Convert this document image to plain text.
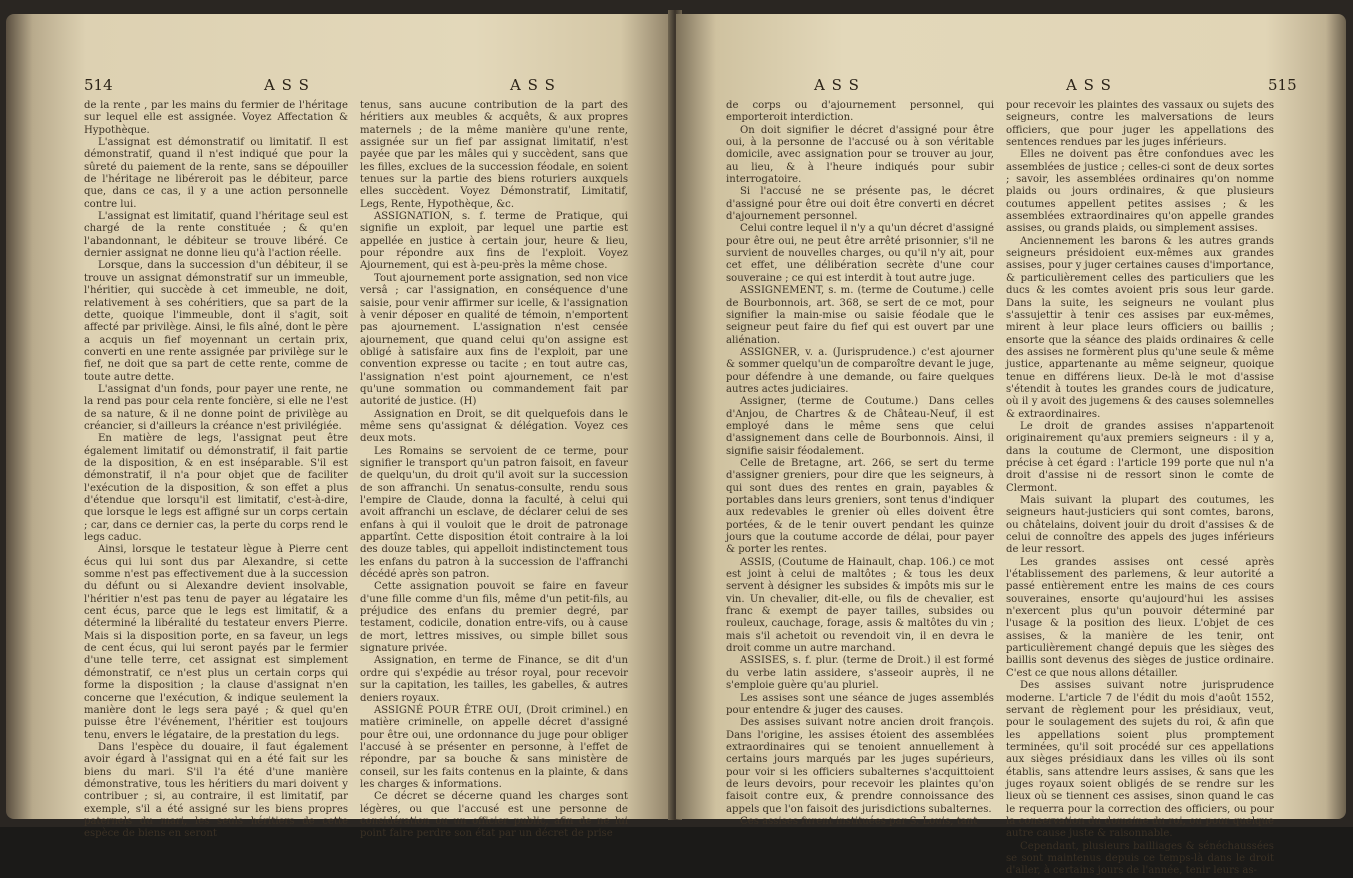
514	A S S	A S S

de la rente , par les mains du fermier de l'héritage sur lequel elle est assignée. Voyez Affectation & Hypothèque.

L'assignat est démonstratif ou limitatif. Il est démonstratif, quand il n'est indiqué que pour la sûreté du paiement de la rente, sans se dépouiller de l'héritage ne libéreroit pas le débiteur, parce que, dans ce cas, il y a une action personnelle contre lui.

L'assignat est limitatif, quand l'héritage seul est chargé de la rente constituée ; & qu'en l'abandonnant, le débiteur se trouve libéré. Ce dernier assignat ne donne lieu qu'à l'action réelle.

Lorsque, dans la succession d'un débiteur, il se trouve un assignat démonstratif sur un immeuble, l'héritier, qui succède à cet immeuble, ne doit, relativement à ses cohéritiers, que sa part de la dette, quoique l'immeuble, dont il s'agit, soit affecté par privilège. Ainsi, le fils aîné, dont le père a acquis un fief moyennant un certain prix, converti en une rente assignée par privilège sur le fief, ne doit que sa part de cette rente, comme de toute autre dette.

L'assignat d'un fonds, pour payer une rente, ne la rend pas pour cela rente foncière, si elle ne l'est de sa nature, & il ne donne point de privilège au créancier, si d'ailleurs la créance n'est privilégiée.

En matière de legs, l'assignat peut être également limitatif ou démonstratif, il fait partie de la disposition, & en est inséparable. S'il est démonstratif, il n'a pour objet que de faciliter l'exécution de la disposition, & son effet a plus d'étendue que lorsqu'il est limitatif, c'est-à-dire, que lorsque le legs est affigné sur un corps certain ; car, dans ce dernier cas, la perte du corps rend le legs caduc.

Ainsi, lorsque le testateur lègue à Pierre cent écus qui lui sont dus par Alexandre, si cette somme n'est pas effectivement due à la succession du défunt ou si Alexandre devient insolvable, l'héritier n'est pas tenu de payer au légataire les cent écus, parce que le legs est limitatif, & a déterminé la libéralité du testateur envers Pierre. Mais si la disposition porte, en sa faveur, un legs de cent écus, qui lui seront payés par le fermier d'une telle terre, cet assignat est simplement démonstratif, ce n'est plus un certain corps qui forme la disposition ; la clause d'assignat n'en concerne que l'exécution, & indique seulement la manière dont le legs sera payé ; & quel qu'en puisse être l'événement, l'héritier est toujours tenu, envers le légataire, de la prestation du legs.

Dans l'espèce du douaire, il faut également avoir égard à l'assignat qui en a été fait sur les biens du mari. S'il l'a été d'une manière démonstrative, tous les héritiers du mari doivent y contribuer ; si, au contraire, il est limitatif, par exemple, s'il a été assigné sur les biens propres paternels du mari, les seuls héritiers de cette espèce de biens en seront

tenus, sans aucune contribution de la part des héritiers aux meubles & acquêts, & aux propres maternels ; de la même manière qu'une rente, assignée sur un fief par assignat limitatif, n'est payée que par les mâles qui y succèdent, sans que les filles, exclues de la succession féodale, en soient tenues sur la partie des biens roturiers auxquels elles succèdent. Voyez Démonstratif, Limitatif, Legs, Rente, Hypothèque, &c.

ASSIGNATION, s. f. terme de Pratique, qui signifie un exploit, par lequel une partie est appellée en justice à certain jour, heure & lieu, pour répondre aux fins de l'exploit. Voyez Ajournement, qui est à-peu-près la même chose.

Tout ajournement porte assignation, sed non vice versâ ; car l'assignation, en conséquence d'une saisie, pour venir affirmer sur icelle, & l'assignation à venir déposer en qualité de témoin, n'emportent pas ajournement. L'assignation n'est censée ajournement, que quand celui qu'on assigne est obligé à satisfaire aux fins de l'exploit, par une convention expresse ou tacite ; en tout autre cas, l'assignation n'est point ajournement, ce n'est qu'une sommation ou commandement fait par autorité de justice. (H)

Assignation en Droit, se dit quelquefois dans le même sens qu'assignat & délégation. Voyez ces deux mots.

Les Romains se servoient de ce terme, pour signifier le transport qu'un patron faisoit, en faveur de quelqu'un, du droit qu'il avoit sur la succession de son affranchi. Un senatus-consulte, rendu sous l'empire de Claude, donna la faculté, à celui qui avoit affranchi un esclave, de déclarer celui de ses enfans à qui il vouloit que le droit de patronage appartînt. Cette disposition étoit contraire à la loi des douze tables, qui appelloit indistinctement tous les enfans du patron à la succession de l'affranchi décédé après son patron.

Cette assignation pouvoit se faire en faveur d'une fille comme d'un fils, même d'un petit-fils, au préjudice des enfans du premier degré, par testament, codicile, donation entre-vifs, ou à cause de mort, lettres missives, ou simple billet sous signature privée.

Assignation, en terme de Finance, se dit d'un ordre qui s'expédie au trésor royal, pour recevoir sur la capitation, les tailles, les gabelles, & autres deniers royaux.

ASSIGNÉ POUR ÊTRE OUI, (Droit criminel.) en matière criminelle, on appelle décret d'assigné pour être oui, une ordonnance du juge pour obliger l'accusé à se présenter en personne, à l'effet de répondre, par sa bouche & sans ministère de conseil, sur les faits contenus en la plainte, & dans les charges & informations.

Ce décret se décerne quand les charges sont légères, ou que l'accusé est une personne de considération ou un officier public, afin de ne lui point faire perdre son état par un décret de prise

A S S	A S S	515

de corps ou d'ajournement personnel, qui emporteroit interdiction.

On doit signifier le décret d'assigné pour être oui, à la personne de l'accusé ou à son véritable domicile, avec assignation pour se trouver au jour, au lieu, & à l'heure indiqués pour subir interrogatoire.

Si l'accusé ne se présente pas, le décret d'assigné pour être oui doit être converti en décret d'ajournement personnel.

Celui contre lequel il n'y a qu'un décret d'assigné pour être oui, ne peut être arrêté prisonnier, s'il ne survient de nouvelles charges, ou qu'il n'y ait, pour cet effet, une délibération secrète d'une cour souveraine ; ce qui est interdit à tout autre juge.

ASSIGNEMENT, s. m. (terme de Coutume.) celle de Bourbonnois, art. 368, se sert de ce mot, pour signifier la main-mise ou saisie féodale que le seigneur peut faire du fief qui est ouvert par une aliénation.

ASSIGNER, v. a. (Jurisprudence.) c'est ajourner & sommer quelqu'un de comparoître devant le juge, pour défendre à une demande, ou faire quelques autres actes judiciaires.

Assigner, (terme de Coutume.) Dans celles d'Anjou, de Chartres & de Château-Neuf, il est employé dans le même sens que celui d'assignement dans celle de Bourbonnois. Ainsi, il signifie saisir féodalement.

Celle de Bretagne, art. 266, se sert du terme d'assigner greniers, pour dire que les seigneurs, à qui sont dues des rentes en grain, payables & portables dans leurs greniers, sont tenus d'indiquer aux redevables le grenier où elles doivent être portées, & de le tenir ouvert pendant les quinze jours que la coutume accorde de délai, pour payer & porter les rentes.

ASSIS, (Coutume de Hainault, chap. 106.) ce mot est joint à celui de maltôtes ; & tous les deux servent à désigner les subsides & impôts mis sur le vin. Un chevalier, dit-elle, ou fils de chevalier, est franc & exempt de payer tailles, subsides ou rouleux, cauchage, forage, assis & maltôtes du vin ; mais s'il achetoit ou revendoit vin, il en devra le droit comme un autre marchand.

ASSISES, s. f. plur. (terme de Droit.) il est formé du verbe latin assidere, s'asseoir auprès, il ne s'emploie guère qu'au pluriel.

Les assises sont une séance de juges assemblés pour entendre & juger des causes.

Des assises suivant notre ancien droit françois. Dans l'origine, les assises étoient des assemblées extraordinaires qui se tenoient annuellement à certains jours marqués par les juges supérieurs, pour voir si les officiers subalternes s'acquittoient de leurs devoirs, pour recevoir les plaintes qu'on faisoit contre eux, & prendre connoissance des appels que l'on faisoit des jurisdictions subalternes.

Ces assises furent instituées par S. Louis, tant

pour recevoir les plaintes des vassaux ou sujets des seigneurs, contre les malversations de leurs officiers, que pour juger les appellations des sentences rendues par les juges inférieurs.

Elles ne doivent pas être confondues avec les assemblées de justice ; celles-ci sont de deux sortes ; savoir, les assemblées ordinaires qu'on nomme plaids ou jours ordinaires, & que plusieurs coutumes appellent petites assises ; & les assemblées extraordinaires qu'on appelle grandes assises, ou grands plaids, ou simplement assises.

Anciennement les barons & les autres grands seigneurs présidoient eux-mêmes aux grandes assises, pour y juger certaines causes d'importance, & particulièrement celles des particuliers que les ducs & les comtes avoient pris sous leur garde. Dans la suite, les seigneurs ne voulant plus s'assujettir à tenir ces assises par eux-mêmes, mirent à leur place leurs officiers ou baillis ; ensorte que la séance des plaids ordinaires & celle des assises ne formèrent plus qu'une seule & même justice, appartenante au même seigneur, quoique tenue en différens lieux. De-là le mot d'assise s'étendit à toutes les grandes cours de judicature, où il y avoit des jugemens & des causes solemnelles & extraordinaires.

Le droit de grandes assises n'appartenoit originairement qu'aux premiers seigneurs : il y a, dans la coutume de Clermont, une disposition précise à cet égard : l'article 199 porte que nul n'a droit d'assise ni de ressort sinon le comte de Clermont.

Mais suivant la plupart des coutumes, les seigneurs haut-justiciers qui sont comtes, barons, ou châtelains, doivent jouir du droit d'assises & de celui de connoître des appels des juges inférieurs de leur ressort.

Les grandes assises ont cessé après l'établissement des parlemens, & leur autorité a passé entièrement entre les mains de ces cours souveraines, ensorte qu'aujourd'hui les assises n'exercent plus qu'un pouvoir déterminé par l'usage & la position des lieux. L'objet de ces assises, & la manière de les tenir, ont particulièrement changé depuis que les sièges des baillis sont devenus des sièges de justice ordinaire. C'est ce que nous allons détailler.

Des assises suivant notre jurisprudence moderne. L'article 7 de l'édit du mois d'août 1552, servant de règlement pour les présidiaux, veut, pour le soulagement des sujets du roi, & afin que les appellations soient plus promptement terminées, qu'il soit procédé sur ces appellations aux sièges présidiaux dans les villes où ils sont établis, sans attendre leurs assises, & sans que les juges royaux soient obligés de se rendre sur les lieux où se tiennent ces assises, sinon quand le cas le requerra pour la correction des officiers, ou pour la conservation du domaine du roi, ou pour quelque autre cause juste & raisonnable.

Cependant, plusieurs bailliages & sénéchaussées se sont maintenus depuis ce temps-là dans le droit d'aller, à certains jours de l'année, tenir leurs as-
